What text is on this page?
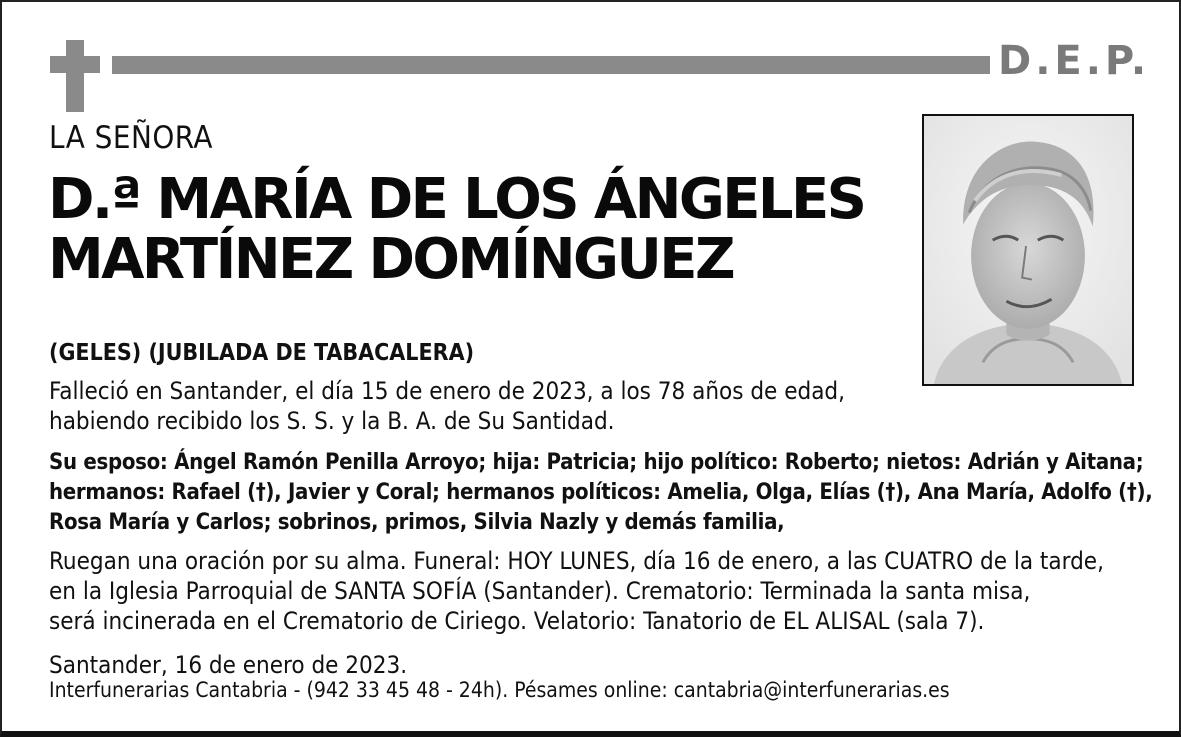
D.E.P.
LA SEÑORA
D.ª MARÍA DE LOS ÁNGELES
MARTÍNEZ DOMÍNGUEZ
(GELES) (JUBILADA DE TABACALERA)
Falleció en Santander, el día 15 de enero de 2023, a los 78 años de edad,
habiendo recibido los S. S. y la B. A. de Su Santidad.
Su esposo: Ángel Ramón Penilla Arroyo; hija: Patricia; hijo político: Roberto; nietos: Adrián y Aitana;
hermanos: Rafael (†), Javier y Coral; hermanos políticos: Amelia, Olga, Elías (†), Ana María, Adolfo (†),
Rosa María y Carlos; sobrinos, primos, Silvia Nazly y demás familia,
Ruegan una oración por su alma. Funeral: HOY LUNES, día 16 de enero, a las CUATRO de la tarde,
en la Iglesia Parroquial de SANTA SOFÍA (Santander). Crematorio: Terminada la santa misa,
será incinerada en el Crematorio de Ciriego. Velatorio: Tanatorio de EL ALISAL (sala 7).
Santander, 16 de enero de 2023.
Interfunerarias Cantabria - (942 33 45 48 - 24h). Pésames online: cantabria@interfunerarias.es
